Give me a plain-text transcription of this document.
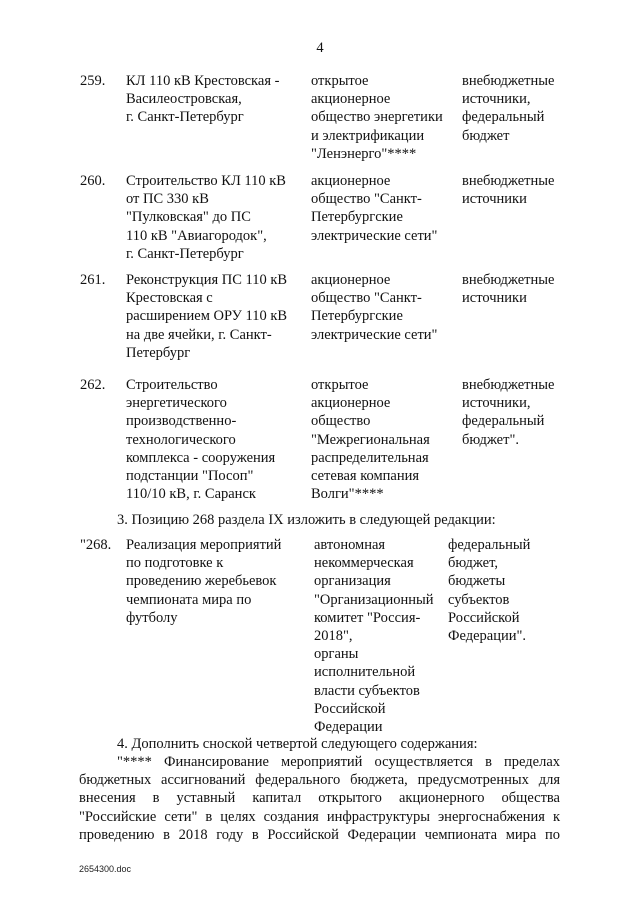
4
259. КЛ 110 кВ Крестовская -
Василеостровская,
г. Санкт-Петербург
открытое
акционерное
общество энергетики
и электрификации
"Ленэнерго"****
внебюджетные
источники,
федеральный
бюджет
260. Строительство КЛ 110 кВ
от ПС 330 кВ
"Пулковская" до ПС
110 кВ "Авиагородок",
г. Санкт-Петербург
акционерное
общество "Санкт-
Петербургские
электрические сети"
внебюджетные
источники
261. Реконструкция ПС 110 кВ
Крестовская с
расширением ОРУ 110 кВ
на две ячейки, г. Санкт-
Петербург
акционерное
общество "Санкт-
Петербургские
электрические сети"
внебюджетные
источники
262. Строительство
энергетического
производственно-
технологического
комплекса - сооружения
подстанции "Посоп"
110/10 кВ, г. Саранск
открытое
акционерное
общество
"Межрегиональная
распределительная
сетевая компания
Волги"****
внебюджетные
источники,
федеральный
бюджет".
3. Позицию 268 раздела IX изложить в следующей редакции:
"268. Реализация мероприятий
по подготовке к
проведению жеребьевок
чемпионата мира по
футболу
автономная
некоммерческая
организация
"Организационный
комитет "Россия-
2018",
органы
исполнительной
власти субъектов
Российской
Федерации
федеральный
бюджет,
бюджеты
субъектов
Российской
Федерации".
4. Дополнить сноской четвертой следующего содержания:
"**** Финансирование мероприятий осуществляется в пределах
бюджетных ассигнований федерального бюджета, предусмотренных для
внесения в уставный капитал открытого акционерного общества
"Российские сети" в целях создания инфраструктуры энергоснабжения к
проведению в 2018 году в Российской Федерации чемпионата мира по
2654300.doc
